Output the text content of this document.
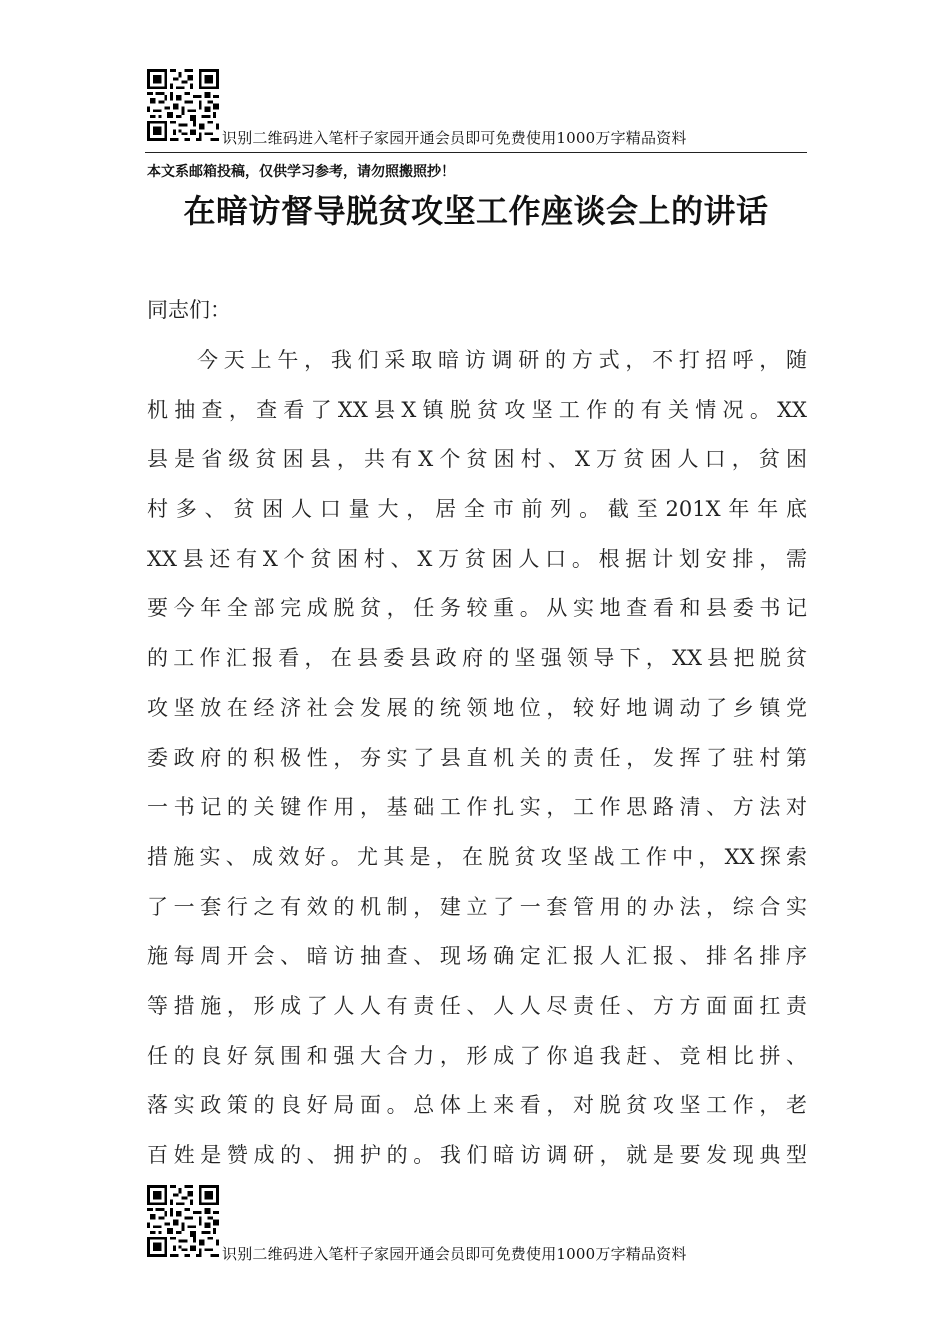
识别二维码进入笔杆子家园开通会员即可免费使用1000万字精品资料
本文系邮箱投稿，仅供学习参考，请勿照搬照抄！
在暗访督导脱贫攻坚工作座谈会上的讲话
同志们：
今天上午，我们采取暗访调研的方式，不打招呼，随
机抽查，查看了XX县X镇脱贫攻坚工作的有关情况。XX
县是省级贫困县，共有X个贫困村、X万贫困人口，贫困
村多、贫困人口量大，居全市前列。截至201X年年底
XX县还有X个贫困村、X万贫困人口。根据计划安排，需
要今年全部完成脱贫，任务较重。从实地查看和县委书记
的工作汇报看，在县委县政府的坚强领导下，XX县把脱贫
攻坚放在经济社会发展的统领地位，较好地调动了乡镇党
委政府的积极性，夯实了县直机关的责任，发挥了驻村第
一书记的关键作用，基础工作扎实，工作思路清、方法对
措施实、成效好。尤其是，在脱贫攻坚战工作中，XX探索
了一套行之有效的机制，建立了一套管用的办法，综合实
施每周开会、暗访抽查、现场确定汇报人汇报、排名排序
等措施，形成了人人有责任、人人尽责任、方方面面扛责
任的良好氛围和强大合力，形成了你追我赶、竞相比拼、
落实政策的良好局面。总体上来看，对脱贫攻坚工作，老
百姓是赞成的、拥护的。我们暗访调研，就是要发现典型
识别二维码进入笔杆子家园开通会员即可免费使用1000万字精品资料
